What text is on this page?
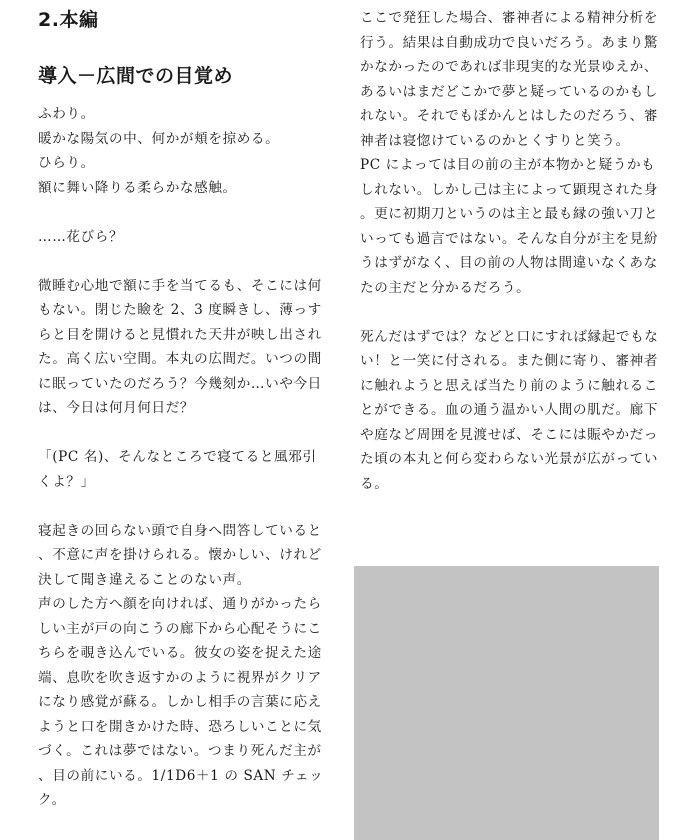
2.本編
導入－広間での目覚め

ふわり。

暖かな陽気の中、何かが頬を掠める。

ひらり。

額に舞い降りる柔らかな感触。

……花びら？

微睡む心地で額に手を当てるも、そこには何もない。閉じた瞼を 2、3 度瞬きし、薄っすらと目を開けると見慣れた天井が映し出された。高く広い空間。本丸の広間だ。いつの間に眠っていたのだろう？今幾刻か…いや今日は、今日は何月何日だ？

「(PC 名)、そんなところで寝てると風邪引くよ？」

寝起きの回らない頭で自身へ問答していると、不意に声を掛けられる。懐かしい、けれど決して聞き違えることのない声。

声のした方へ顔を向ければ、通りがかったらしい主が戸の向こうの廊下から心配そうにこちらを覗き込んでいる。彼女の姿を捉えた途端、息吹を吹き返すかのように視界がクリアになり感覚が蘇る。しかし相手の言葉に応えようと口を開きかけた時、恐ろしいことに気づく。これは夢ではない。つまり死んだ主が、目の前にいる。1/1D6＋1 の SAN チェック。

ここで発狂した場合、審神者による精神分析を行う。結果は自動成功で良いだろう。あまり驚かなかったのであれば非現実的な光景ゆえか、あるいはまだどこかで夢と疑っているのかもしれない。それでもぽかんとはしたのだろう、審神者は寝惚けているのかとくすりと笑う。

PC によっては目の前の主が本物かと疑うかもしれない。しかし己は主によって顕現された身。更に初期刀というのは主と最も縁の強い刀といっても過言ではない。そんな自分が主を見紛うはずがなく、目の前の人物は間違いなくあなたの主だと分かるだろう。

死んだはずでは？などと口にすれば縁起でもない！と一笑に付される。また側に寄り、審神者に触れようと思えば当たり前のように触れることができる。血の通う温かい人間の肌だ。廊下や庭など周囲を見渡せば、そこには賑やかだった頃の本丸と何ら変わらない光景が広がっている。
